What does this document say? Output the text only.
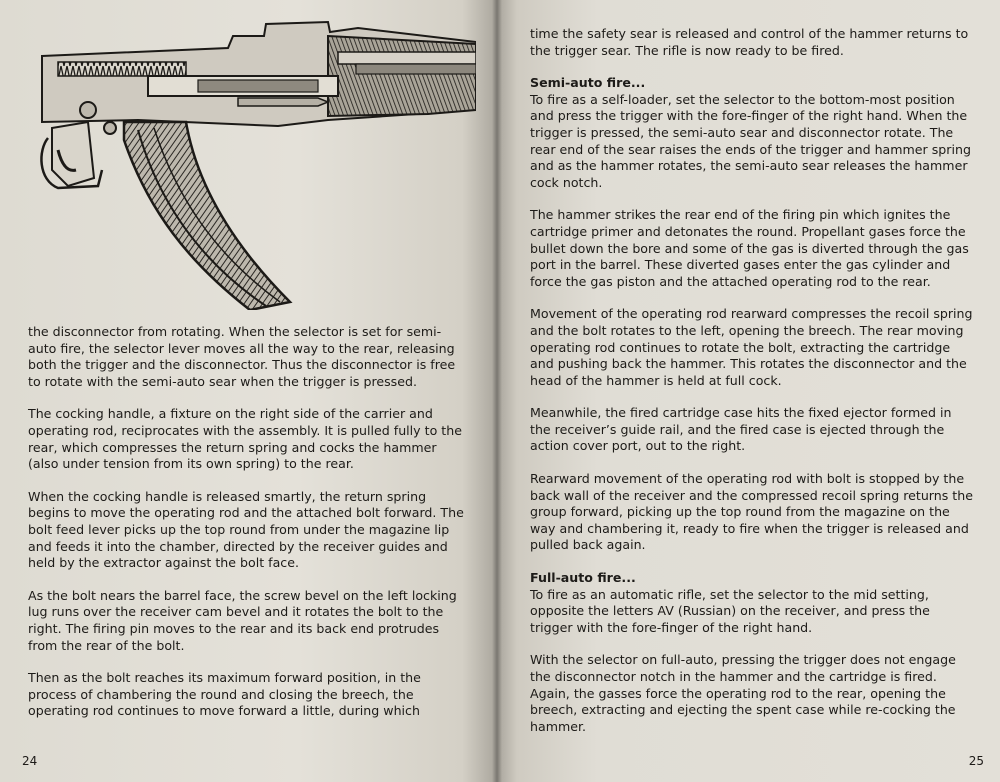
the disconnector from rotating. When the selector is set for semi-auto fire, the selector lever moves all the way to the rear, releasing both the trigger and the disconnector. Thus the disconnector is free to rotate with the semi-auto sear when the trigger is pressed.

The cocking handle, a fixture on the right side of the carrier and operating rod, reciprocates with the assembly. It is pulled fully to the rear, which compresses the return spring and cocks the hammer (also under tension from its own spring) to the rear.

When the cocking handle is released smartly, the return spring begins to move the operating rod and the attached bolt forward. The bolt feed lever picks up the top round from under the magazine lip and feeds it into the chamber, directed by the receiver guides and held by the extractor against the bolt face.

As the bolt nears the barrel face, the screw bevel on the left locking lug runs over the receiver cam bevel and it rotates the bolt to the right. The firing pin moves to the rear and its back end protrudes from the rear of the bolt.

Then as the bolt reaches its maximum forward position, in the process of chambering the round and closing the breech, the operating rod continues to move forward a little, during which

24

time the safety sear is released and control of the hammer returns to the trigger sear. The rifle is now ready to be fired.

Semi-auto fire...

To fire as a self-loader, set the selector to the bottom-most position and press the trigger with the fore-finger of the right hand. When the trigger is pressed, the semi-auto sear and disconnector rotate. The rear end of the sear raises the ends of the trigger and hammer spring and as the hammer rotates, the semi-auto sear releases the hammer cock notch.

The hammer strikes the rear end of the firing pin which ignites the cartridge primer and detonates the round. Propellant gases force the bullet down the bore and some of the gas is diverted through the gas port in the barrel. These diverted gases enter the gas cylinder and force the gas piston and the attached operating rod to the rear.

Movement of the operating rod rearward compresses the recoil spring and the bolt rotates to the left, opening the breech. The rear moving operating rod continues to rotate the bolt, extracting the cartridge and pushing back the hammer. This rotates the disconnector and the head of the hammer is held at full cock.

Meanwhile, the fired cartridge case hits the fixed ejector formed in the receiver’s guide rail, and the fired case is ejected through the action cover port, out to the right.

Rearward movement of the operating rod with bolt is stopped by the back wall of the receiver and the compressed recoil spring returns the group forward, picking up the top round from the magazine on the way and chambering it, ready to fire when the trigger is released and pulled back again.

Full-auto fire...

To fire as an automatic rifle, set the selector to the mid setting, opposite the letters AV (Russian) on the receiver, and press the trigger with the fore-finger of the right hand.

With the selector on full-auto, pressing the trigger does not engage the disconnector notch in the hammer and the cartridge is fired. Again, the gasses force the operating rod to the rear, opening the breech, extracting and ejecting the spent case while re-cocking the hammer.

25
